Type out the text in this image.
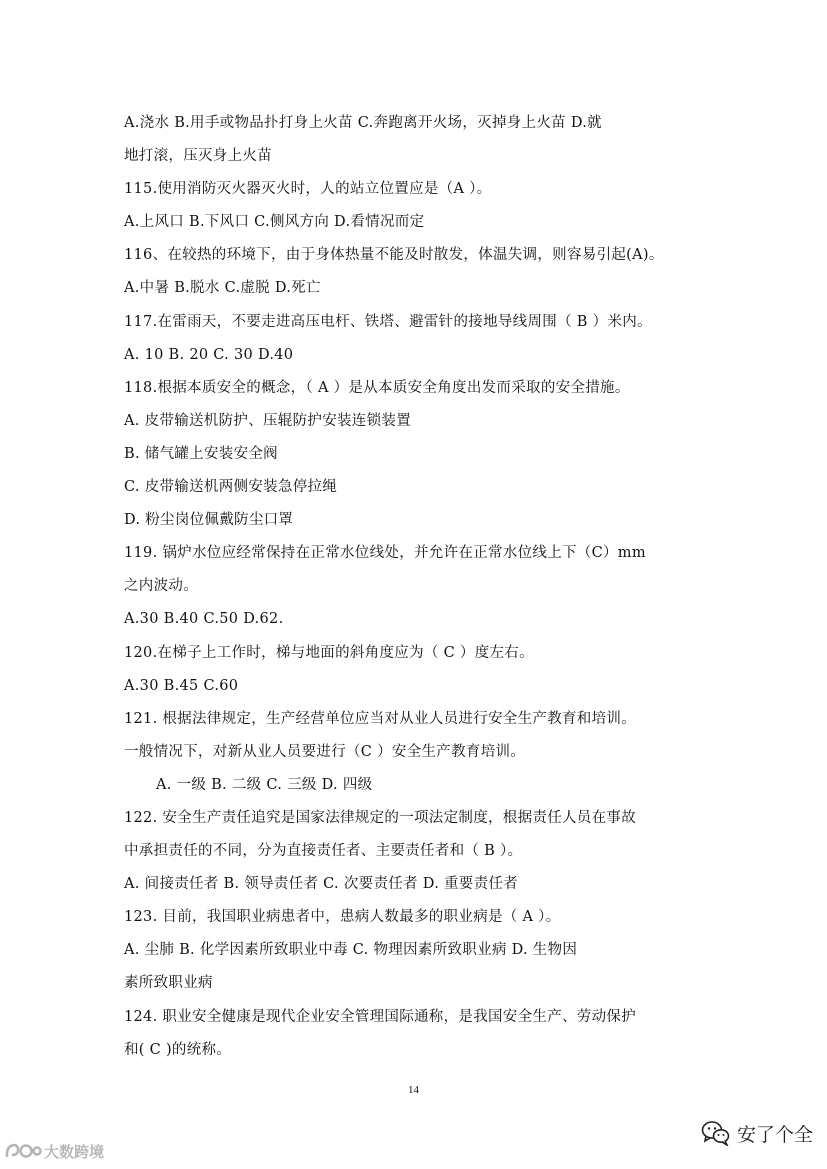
A.浇水 B.用手或物品扑打身上火苗 C.奔跑离开火场，灭掉身上火苗 D.就
地打滚，压灭身上火苗
115.使用消防灭火器灭火时，人的站立位置应是（A ）。
A.上风口 B.下风口 C.侧风方向 D.看情况而定
116、在较热的环境下，由于身体热量不能及时散发，体温失调，则容易引起(A)。
A.中暑 B.脱水 C.虚脱 D.死亡
117.在雷雨天，不要走进高压电杆、铁塔、避雷针的接地导线周围（ B ）米内。
A. 10 B. 20 C. 30 D.40
118.根据本质安全的概念，（ A ）是从本质安全角度出发而采取的安全措施。
A. 皮带输送机防护、压辊防护安装连锁装置
B. 储气罐上安装安全阀
C. 皮带输送机两侧安装急停拉绳
D. 粉尘岗位佩戴防尘口罩
119. 锅炉水位应经常保持在正常水位线处，并允许在正常水位线上下（C）mm
之内波动。
A.30 B.40 C.50 D.62.
120.在梯子上工作时，梯与地面的斜角度应为（ C ）度左右。
A.30 B.45 C.60
121. 根据法律规定，生产经营单位应当对从业人员进行安全生产教育和培训。
一般情况下，对新从业人员要进行（C ）安全生产教育培训。
A. 一级 B. 二级 C. 三级 D. 四级
122. 安全生产责任追究是国家法律规定的一项法定制度，根据责任人员在事故
中承担责任的不同，分为直接责任者、主要责任者和（ B ）。
A. 间接责任者 B. 领导责任者 C. 次要责任者 D. 重要责任者
123. 目前，我国职业病患者中，患病人数最多的职业病是（ A ）。
A. 尘肺 B. 化学因素所致职业中毒 C. 物理因素所致职业病 D. 生物因
素所致职业病
124. 职业安全健康是现代企业安全管理国际通称，是我国安全生产、劳动保护
和( C )的统称。
14
大数跨境
安了个全
